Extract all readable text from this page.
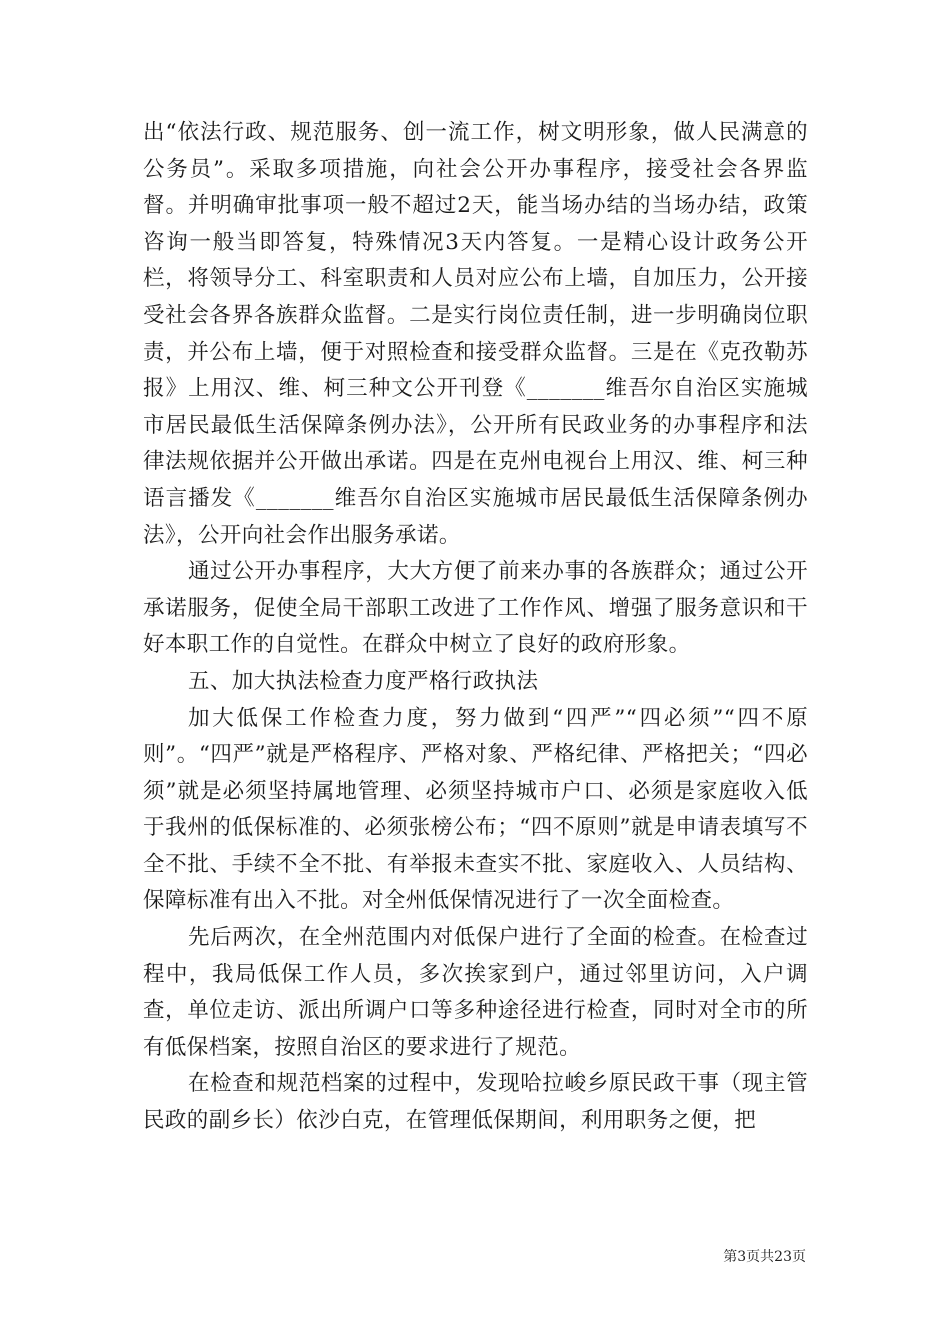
出“依法行政、规范服务、创一流工作，树文明形象，做人民满意的公务员”。采取多项措施，向社会公开办事程序，接受社会各界监督。并明确审批事项一般不超过2天，能当场办结的当场办结，政策咨询一般当即答复，特殊情况3天内答复。一是精心设计政务公开栏，将领导分工、科室职责和人员对应公布上墙，自加压力，公开接受社会各界各族群众监督。二是实行岗位责任制，进一步明确岗位职责，并公布上墙，便于对照检查和接受群众监督。三是在《克孜勒苏报》上用汉、维、柯三种文公开刊登《_______维吾尔自治区实施城市居民最低生活保障条例办法》，公开所有民政业务的办事程序和法律法规依据并公开做出承诺。四是在克州电视台上用汉、维、柯三种语言播发《_______维吾尔自治区实施城市居民最低生活保障条例办法》，公开向社会作出服务承诺。

通过公开办事程序，大大方便了前来办事的各族群众；通过公开承诺服务，促使全局干部职工改进了工作作风、增强了服务意识和干好本职工作的自觉性。在群众中树立了良好的政府形象。

五、加大执法检查力度严格行政执法

加大低保工作检查力度，努力做到“四严”“四必须”“四不原则”。“四严”就是严格程序、严格对象、严格纪律、严格把关；“四必须”就是必须坚持属地管理、必须坚持城市户口、必须是家庭收入低于我州的低保标准的、必须张榜公布；“四不原则”就是申请表填写不全不批、手续不全不批、有举报未查实不批、家庭收入、人员结构、保障标准有出入不批。对全州低保情况进行了一次全面检查。

先后两次，在全州范围内对低保户进行了全面的检查。在检查过程中，我局低保工作人员，多次挨家到户，通过邻里访问，入户调查，单位走访、派出所调户口等多种途径进行检查，同时对全市的所有低保档案，按照自治区的要求进行了规范。

在检查和规范档案的过程中，发现哈拉峻乡原民政干事（现主管民政的副乡长）依沙白克，在管理低保期间，利用职务之便，把

第3页共23页
